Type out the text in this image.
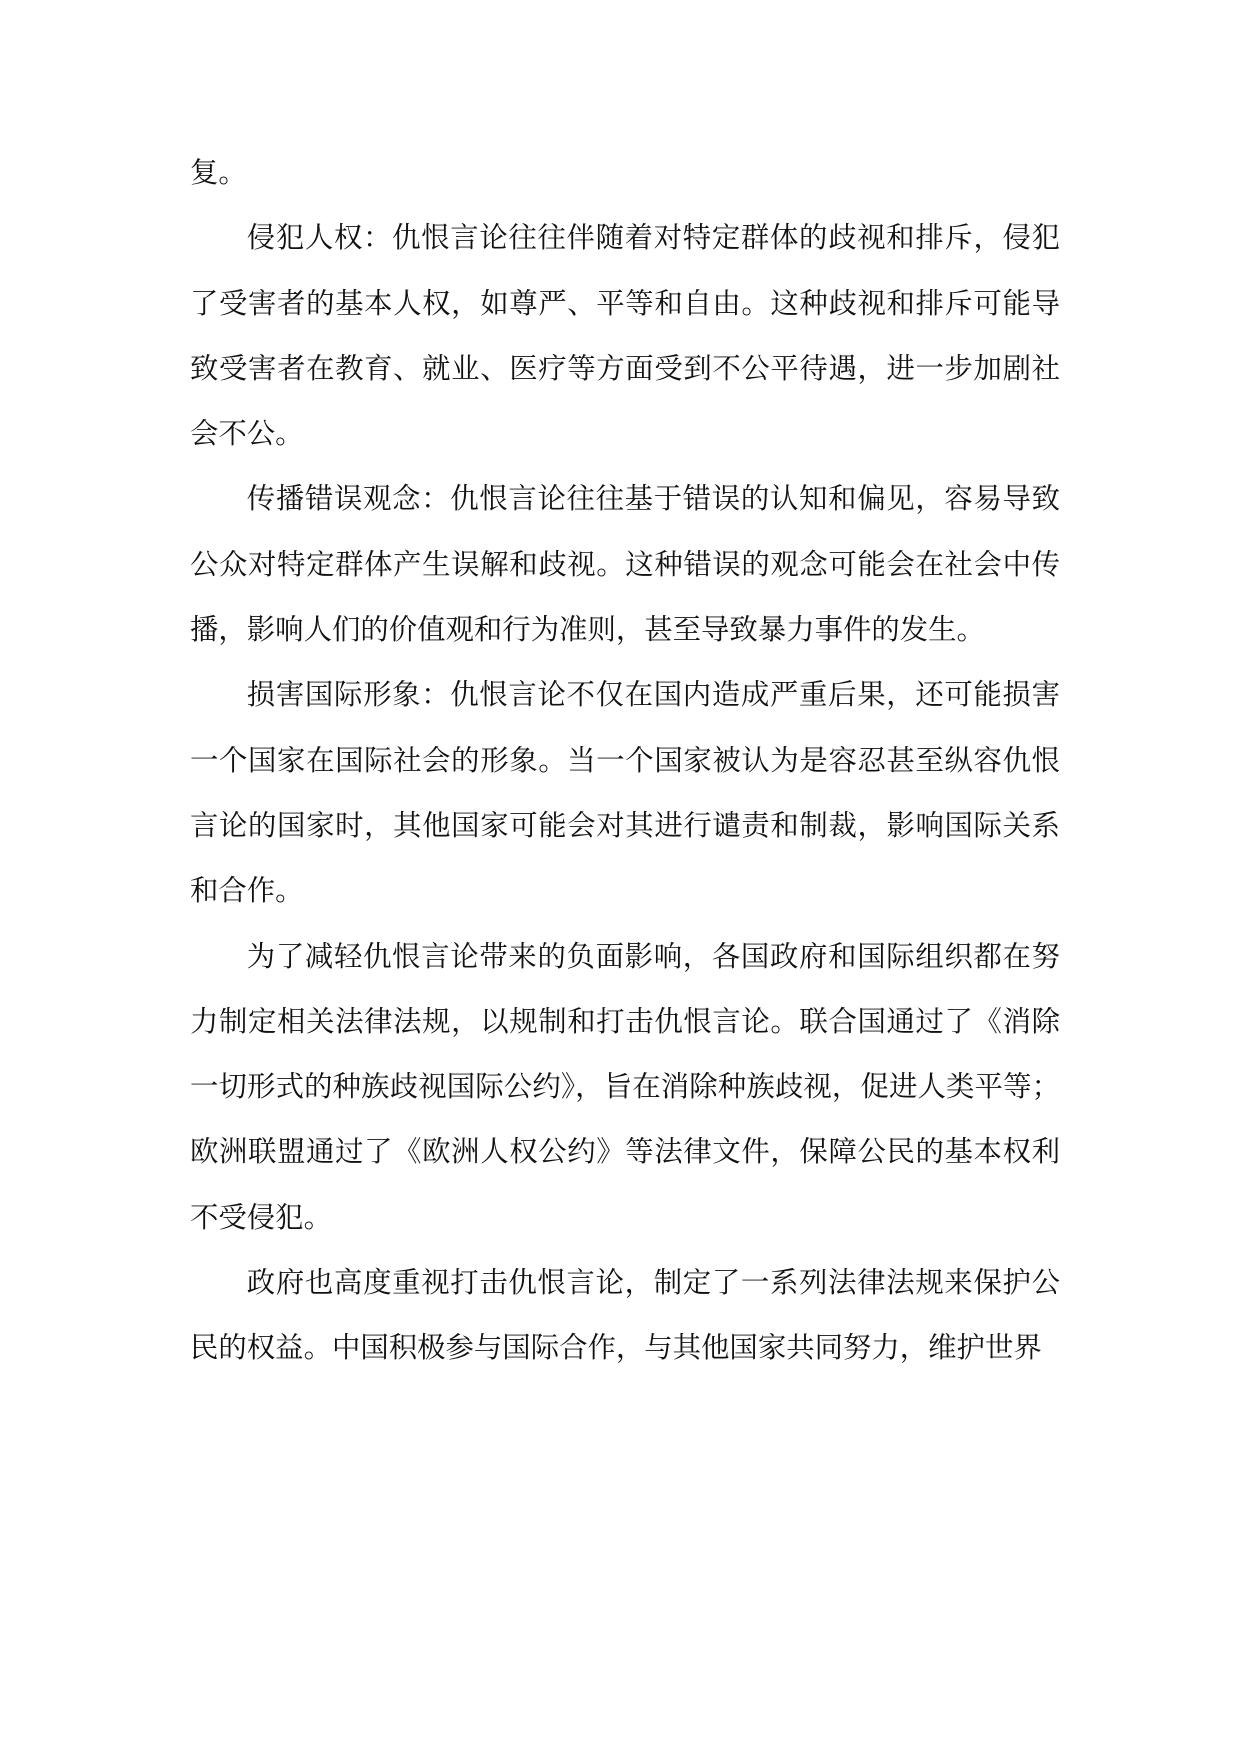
复。

侵犯人权：仇恨言论往往伴随着对特定群体的歧视和排斥，侵犯了受害者的基本人权，如尊严、平等和自由。这种歧视和排斥可能导致受害者在教育、就业、医疗等方面受到不公平待遇，进一步加剧社会不公。

传播错误观念：仇恨言论往往基于错误的认知和偏见，容易导致公众对特定群体产生误解和歧视。这种错误的观念可能会在社会中传播，影响人们的价值观和行为准则，甚至导致暴力事件的发生。

损害国际形象：仇恨言论不仅在国内造成严重后果，还可能损害一个国家在国际社会的形象。当一个国家被认为是容忍甚至纵容仇恨言论的国家时，其他国家可能会对其进行谴责和制裁，影响国际关系和合作。

为了减轻仇恨言论带来的负面影响，各国政府和国际组织都在努力制定相关法律法规，以规制和打击仇恨言论。联合国通过了《消除一切形式的种族歧视国际公约》，旨在消除种族歧视，促进人类平等；欧洲联盟通过了《欧洲人权公约》等法律文件，保障公民的基本权利不受侵犯。

政府也高度重视打击仇恨言论，制定了一系列法律法规来保护公民的权益。中国积极参与国际合作，与其他国家共同努力，维护世界
